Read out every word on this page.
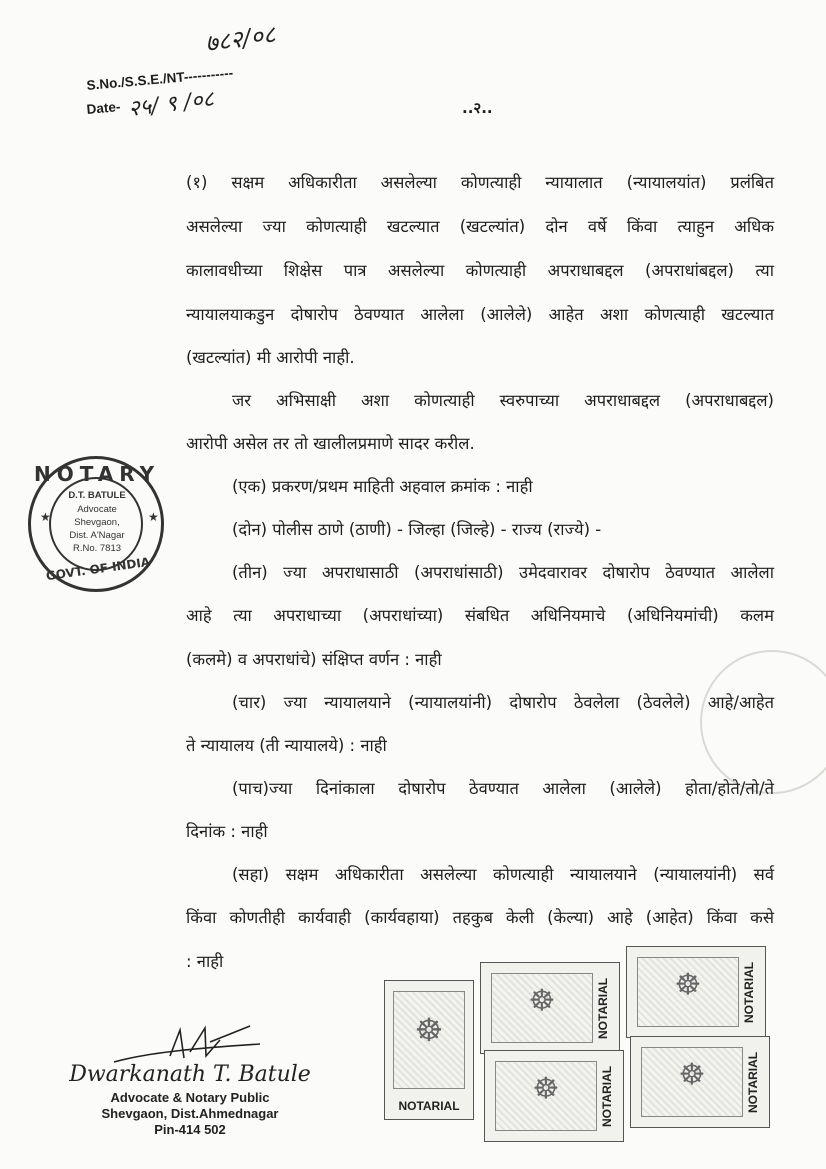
७८२/०८
S.No./S.S.E./NT-----------
Date- २५/ ९ /०८	..२..
(१) सक्षम अधिकारीता असलेल्या कोणत्याही न्यायालात (न्यायालयांत) प्रलंबित
असलेल्या ज्या कोणत्याही खटल्यात (खटल्यांत) दोन वर्षे किंवा त्याहुन अधिक
कालावधीच्या शिक्षेस पात्र असलेल्या कोणत्याही अपराधाबद्दल (अपराधांबद्दल) त्या
न्यायालयाकडुन दोषारोप ठेवण्यात आलेला (आलेले) आहेत अशा कोणत्याही खटल्यात
(खटल्यांत) मी आरोपी नाही.
जर अभिसाक्षी अशा कोणत्याही स्वरुपाच्या अपराधाबद्दल (अपराधाबद्दल)
आरोपी असेल तर तो खालीलप्रमाणे सादर करील.
(एक) प्रकरण/प्रथम माहिती अहवाल क्रमांक : नाही
(दोन) पोलीस ठाणे (ठाणी) - जिल्हा (जिल्हे) - राज्य (राज्ये) -
(तीन) ज्या अपराधासाठी (अपराधांसाठी) उमेदवारावर दोषारोप ठेवण्यात आलेला
आहे त्या अपराधाच्या (अपराधांच्या) संबधित अधिनियमाचे (अधिनियमांची) कलम
(कलमे) व अपराधांचे) संक्षिप्त वर्णन : नाही
(चार) ज्या न्यायालयाने (न्यायालयांनी) दोषारोप ठेवलेला (ठेवलेले) आहे/आहेत
ते न्यायालय (ती न्यायालये) : नाही
(पाच)ज्या दिनांकाला दोषारोप ठेवण्यात आलेला (आलेले) होता/होते/तो/ते
दिनांक : नाही
(सहा) सक्षम अधिकारीता असलेल्या कोणत्याही न्यायालयाने (न्यायालयांनी) सर्व
किंवा कोणतीही कार्यवाही (कार्यवहाया) तहकुब केली (केल्या) आहे (आहेत) किंवा कसे
: नाही
NOTARY
★	★
D.T. BATULE
Advocate
Shevgaon,
Dist. A'Nagar
R.No. 7813
GOVT. OF INDIA
☸
NOTARIAL
☸
NOTARIAL ☸	NOTARIAL
☸
NOTARIAL ☸	NOTARIAL
Dwarkanath T. Batule
Advocate & Notary Public
Shevgaon, Dist.Ahmednagar
Pin-414 502
